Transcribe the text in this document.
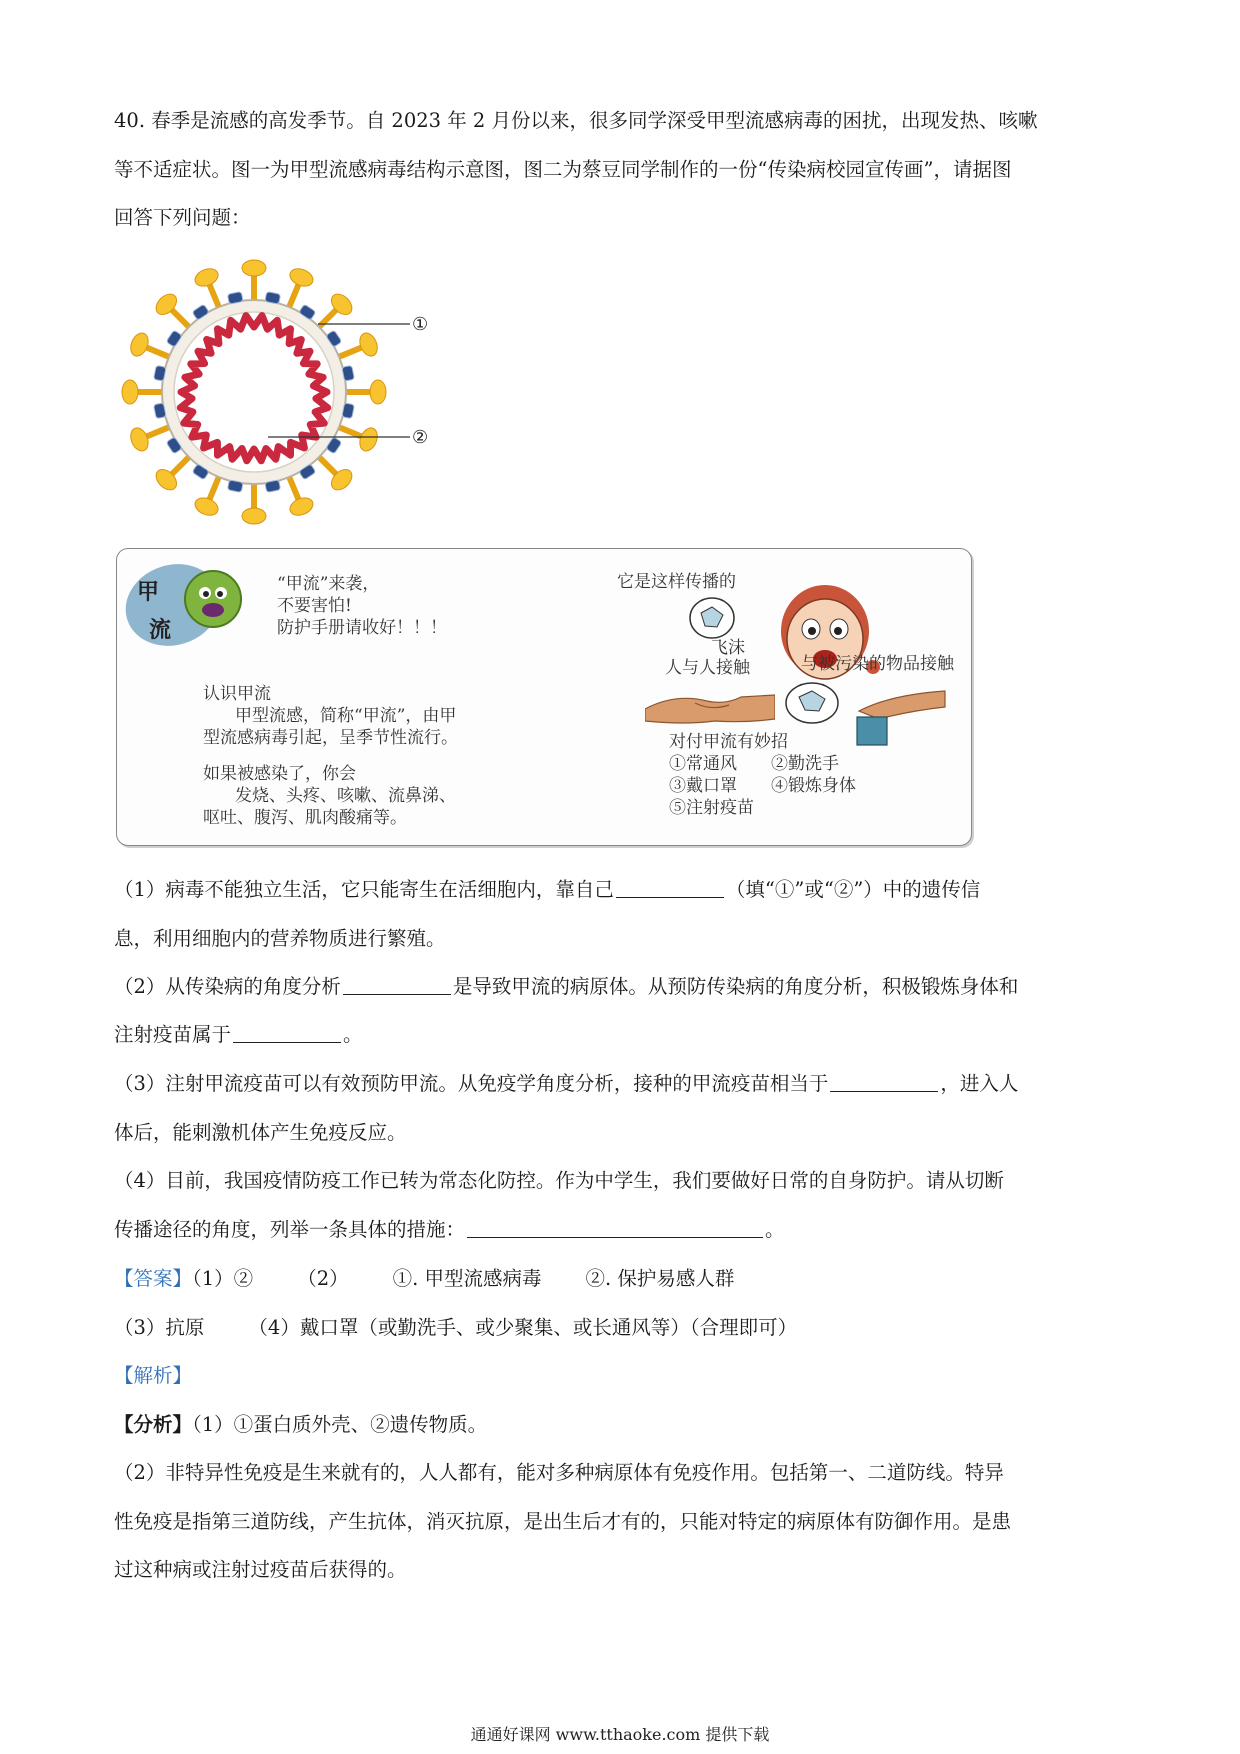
40. 春季是流感的高发季节。自 2023 年 2 月份以来，很多同学深受甲型流感病毒的困扰，出现发热、咳嗽
等不适症状。图一为甲型流感病毒结构示意图，图二为蔡豆同学制作的一份“传染病校园宣传画”，请据图
回答下列问题：
①
②
甲
流
“甲流”来袭，
不要害怕!
防护手册请收好！！！
认识甲流
甲型流感，简称“甲流”，由甲
型流感病毒引起，呈季节性流行。
如果被感染了，你会
发烧、头疼、咳嗽、流鼻涕、
呕吐、腹泻、肌肉酸痛等。
它是这样传播的
飞沫
人与人接触	与被污染的物品接触
对付甲流有妙招
①常通风 ②勤洗手
③戴口罩 ④锻炼身体
⑤注射疫苗
（1）病毒不能独立生活，它只能寄生在活细胞内，靠自己	（填“①”或“②”）中的遗传信
息，利用细胞内的营养物质进行繁殖。
（2）从传染病的角度分析	是导致甲流的病原体。从预防传染病的角度分析，积极锻炼身体和
注射疫苗属于	。
（3）注射甲流疫苗可以有效预防甲流。从免疫学角度分析，接种的甲流疫苗相当于	，进入人
体后，能刺激机体产生免疫反应。
（4）目前，我国疫情防疫工作已转为常态化防控。作为中学生，我们要做好日常的自身防护。请从切断
传播途径的角度，列举一条具体的措施：	。
【答案】（1）② （2） ①. 甲型流感病毒 ②. 保护易感人群
（3）抗原 （4）戴口罩（或勤洗手、或少聚集、或长通风等）（合理即可）
【解析】
【分析】（1）①蛋白质外壳、②遗传物质。
（2）非特异性免疫是生来就有的，人人都有，能对多种病原体有免疫作用。包括第一、二道防线。特异
性免疫是指第三道防线，产生抗体，消灭抗原，是出生后才有的，只能对特定的病原体有防御作用。是患
过这种病或注射过疫苗后获得的。
通通好课网 www.tthaoke.com 提供下载
